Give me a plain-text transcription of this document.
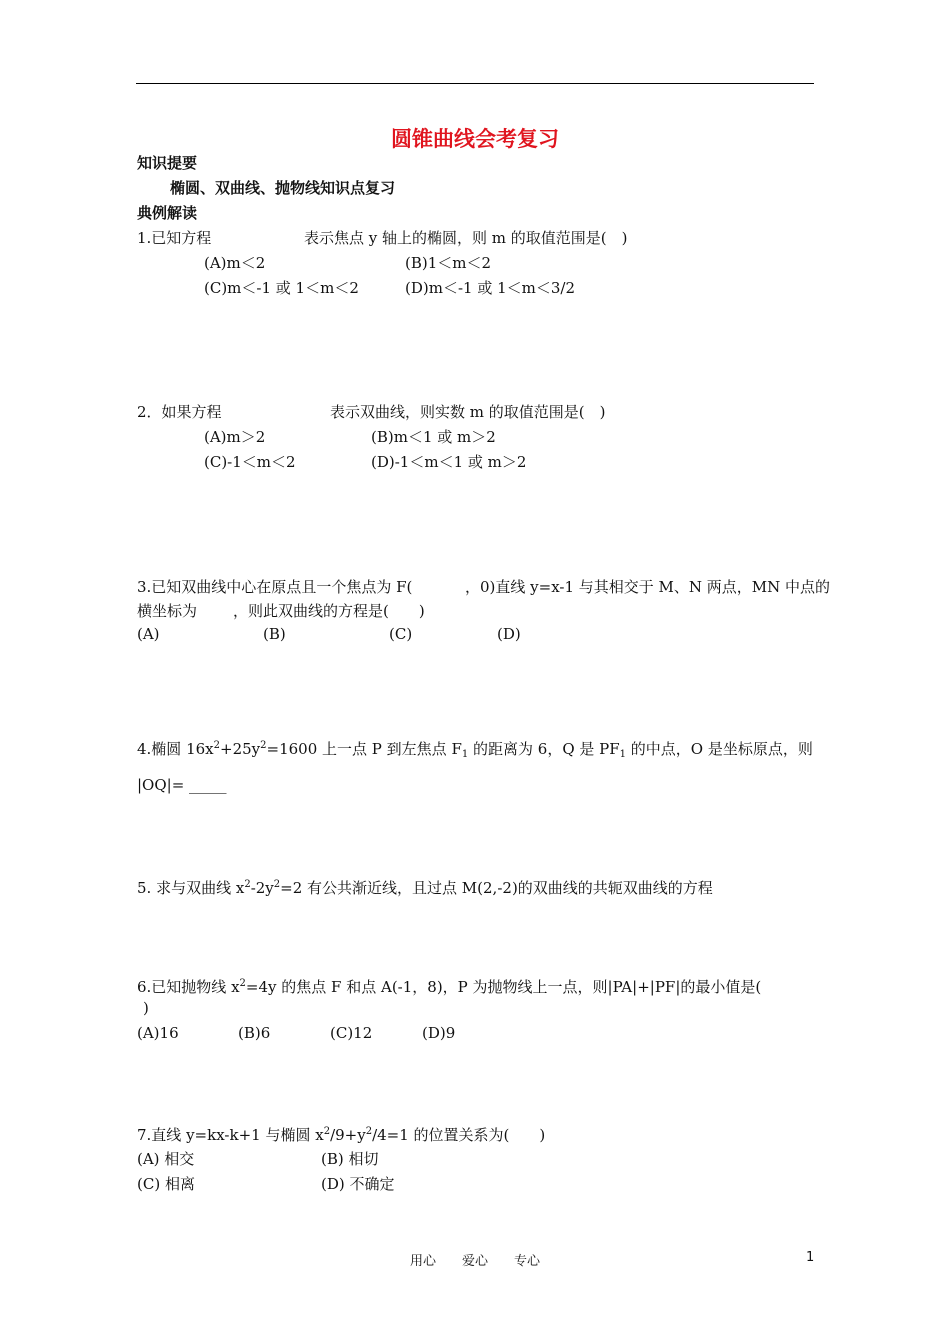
圆锥曲线会考复习
知识提要
椭圆、双曲线、抛物线知识点复习
典例解读
1.已知方程	表示焦点 y 轴上的椭圆，则 m 的取值范围是(　)
(A)m＜2	(B)1＜m＜2
(C)m＜-1 或 1＜m＜2	(D)m＜-1 或 1＜m＜3/2
2．如果方程	表示双曲线，则实数 m 的取值范围是(　)
(A)m＞2	(B)m＜1 或 m＞2
(C)-1＜m＜2	(D)-1＜m＜1 或 m＞2
3.已知双曲线中心在原点且一个焦点为 F(	，0)直线 y=x-1 与其相交于 M、N 两点，MN 中点的
横坐标为 ，则此双曲线的方程是(　　)
(A)	(B)	(C)	(D)
4.椭圆 $16x^2+25y^2=1600$ 上一点 P 到左焦点 $F_1$ 的距离为 6，Q 是 $PF_1$ 的中点，O 是坐标原点，则
|OQ|= _____
5. 求与双曲线 $x^2-2y^2=2$ 有公共渐近线，且过点 M(2,-2)的双曲线的共轭双曲线的方程
6.已知抛物线 $x^2=4y$ 的焦点 F 和点 A(-1，8)，P 为抛物线上一点，则|PA|+|PF|的最小值是(
)
(A)16	(B)6	(C)12	(D)9
7.直线 y=kx-k+1 与椭圆 $x^2/9+y^2/4=1$ 的位置关系为(　　)
(A) 相交	(B) 相切
(C) 相离	(D) 不确定
用心　　爱心　　专心	1
